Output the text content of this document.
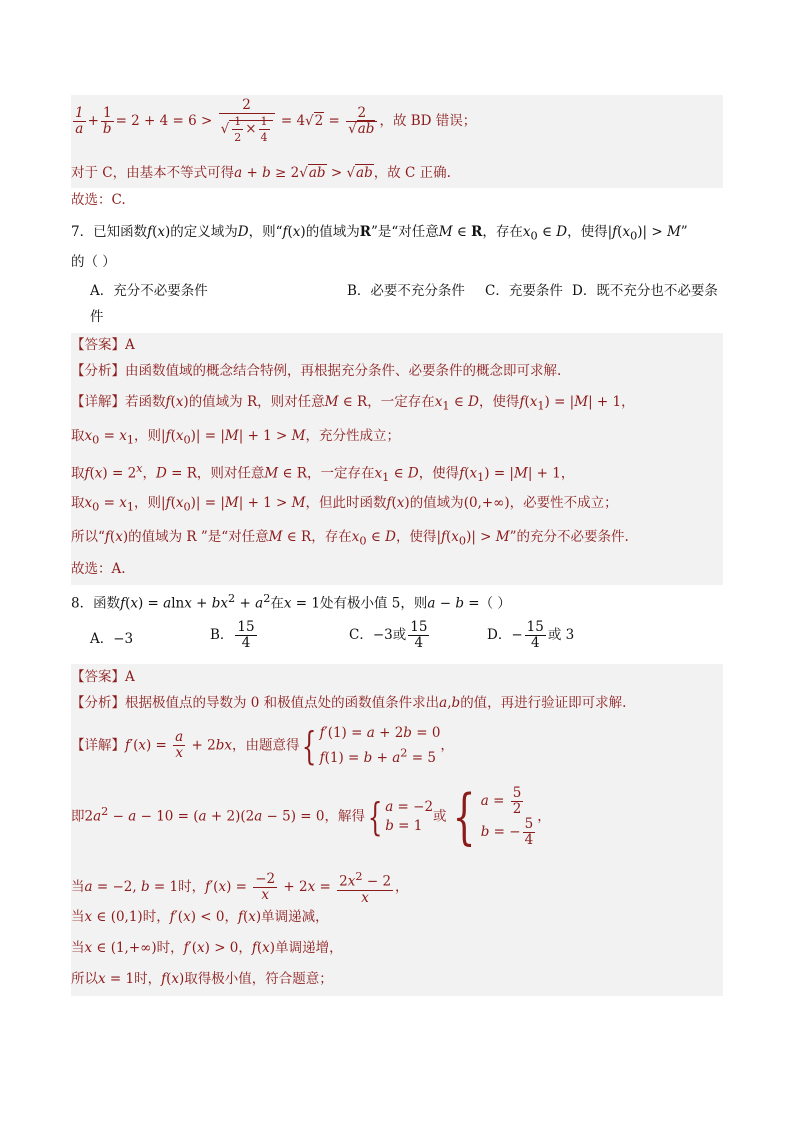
$\frac{1}{a} + \frac{1}{b} = 2 + 4 = 6 > \frac{2}{√ \frac{1}{2} \times \frac{1}{4}} = 4√2 = \frac{2}{√ab}$ ，故 BD 错误；
对于 C，由基本不等式可得a + b ≥ 2√ab > √ab，故 C 正确.
故选：C.
7．已知函数f(x)的定义域为D，则“f(x)的值域为R”是“对任意M ∈ R，存在$x_0$ ∈ D，使得$|f(x_0)| > M$”
的（ ）
A．充分不必要条件	B．必要不充分条件 C．充要条件 D．既不充分也不必要条
件
【答案】A
【分析】由函数值域的概念结合特例，再根据充分条件、必要条件的概念即可求解.
【详解】若函数f(x)的值域为 R，则对任意M ∈ R，一定存在$x_1$ ∈ D，使得$f(x_1) = |M| + 1$，
取$x_0 = x_1$，则$|f(x_0)| = |M| + 1 > M$，充分性成立；
取$f(x) = 2^x$，D = R，则对任意M ∈ R，一定存在$x_1$ ∈ D，使得$f(x_1) = |M| + 1$，
取$x_0 = x_1$，则$|f(x_0)| = |M| + 1 > M$，但此时函数f(x)的值域为(0,+∞)，必要性不成立；
所以“f(x)的值域为 R ”是“对任意M ∈ R，存在$x_0$ ∈ D，使得$|f(x_0)| > M$”的充分不必要条件.
故选：A.
8．函数$f(x) = alnx + bx^2 + a^2$在x = 1处有极小值 5，则a − b =（ ）
A．−3	B． $\frac{15}{4}$	C．−3或 $\frac{15}{4}$	D．− $\frac{15}{4}$ 或 3
【答案】A
【分析】根据极值点的导数为 0 和极值点处的函数值条件求出a,b的值，再进行验证即可求解.
【详解】$f'(x) = \frac{a}{x} + 2bx$，由题意得{ f′(1) = a + 2b = 0
$f(1) = b + a^2 = 5$，
即$2a^2 - a - 10 = (a + 2)(2a - 5) = 0$，解得{ a = −2
b = 1或{ $a = \frac{5}{2}$

b = − $\frac{5}{4}$
，
当a = −2, b = 1时，$f'(x) = \frac{-2}{x} + 2x = \frac{2x^2 - 2}{x}$ ，
当x ∈ (0,1)时，f′(x) < 0，f(x)单调递减，
当x ∈ (1,+∞)时，f′(x) > 0，f(x)单调递增，
所以x = 1时，f(x)取得极小值，符合题意；
